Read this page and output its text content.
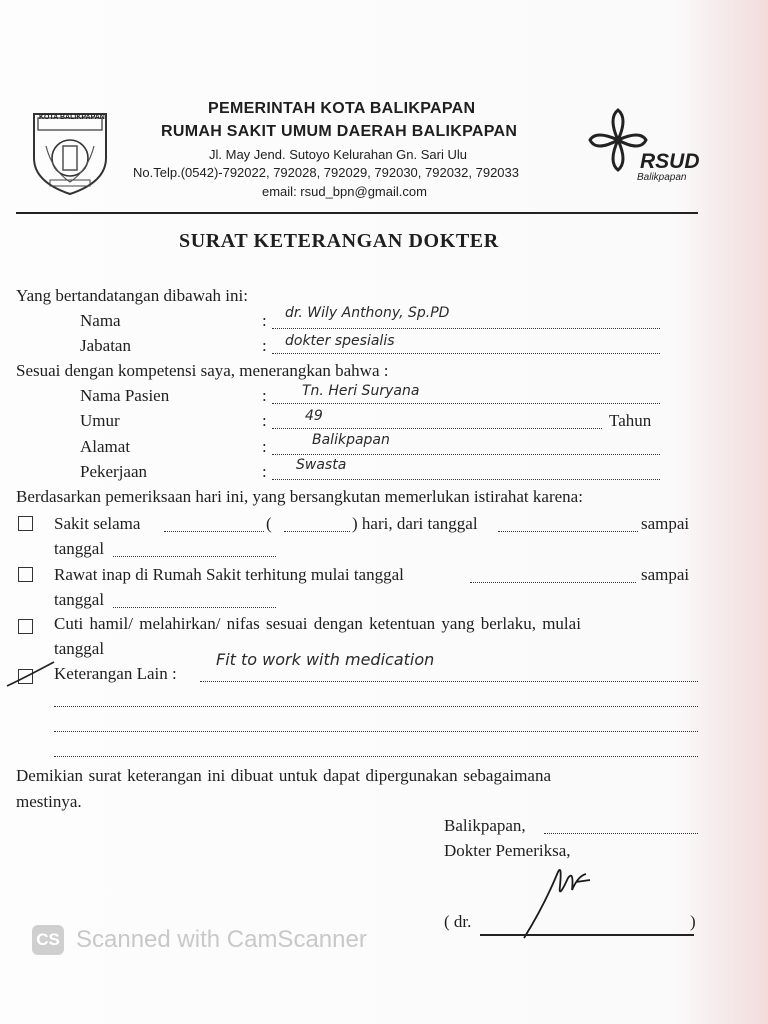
KOTA BALIKPAPAN
PEMERINTAH KOTA BALIKPAPAN
RUMAH SAKIT UMUM DAERAH BALIKPAPAN
Jl. May Jend. Sutoyo Kelurahan Gn. Sari Ulu
No.Telp.(0542)-792022, 792028, 792029, 792030, 792032, 792033
email: rsud_bpn@gmail.com
RSUD
Balikpapan
SURAT KETERANGAN DOKTER
Yang bertandatangan dibawah ini:
Nama	: dr. Wily Anthony, Sp.PD
Jabatan	: dokter spesialis
Sesuai dengan kompetensi saya, menerangkan bahwa :
Nama Pasien	:	Tn. Heri Suryana
Umur	:	49	Tahun
Alamat	:	Balikpapan
Pekerjaan	: Swasta
Berdasarkan pemeriksaan hari ini, yang bersangkutan memerlukan istirahat karena:
Sakit selama	(	) hari, dari tanggal	sampai
tanggal
Rawat inap di Rumah Sakit terhitung mulai tanggal	sampai
tanggal
Cuti hamil/ melahirkan/ nifas sesuai dengan ketentuan yang berlaku, mulai
tanggal
Keterangan Lain :
Fit to work with medication
Demikian surat keterangan ini dibuat untuk dapat dipergunakan sebagaimana
mestinya.
Balikpapan,
Dokter Pemeriksa,
( dr.	)
CS Scanned with CamScanner
